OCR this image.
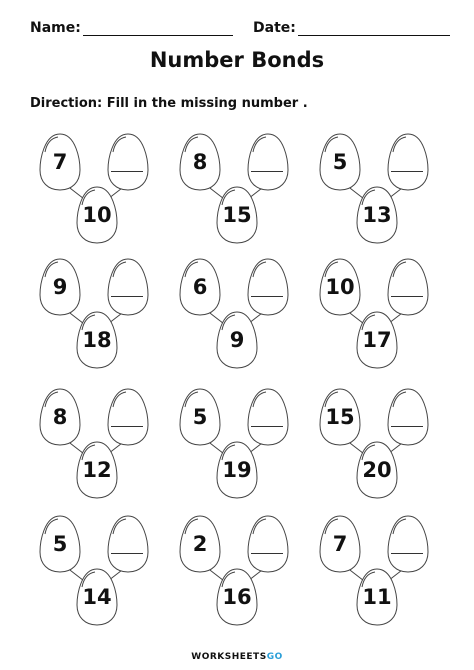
Name:	Date:
Number Bonds
Direction: Fill in the missing number .
7
10
8
15
5
13
9
18
6
9
10
17
8
12
5
19
15
20
5
14
2
16
7
11
WORKSHEETSGO
